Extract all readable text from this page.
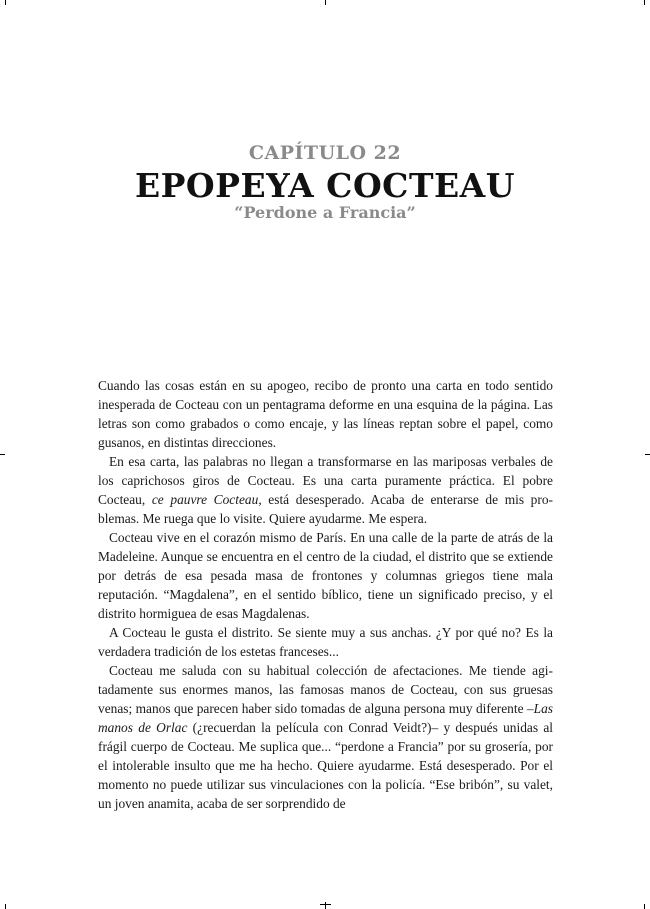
CAPÍTULO 22
EPOPEYA COCTEAU
“Perdone a Francia”

Cuando las cosas están en su apogeo, recibo de pronto una carta en todo sentido inesperada de Cocteau con un pentagrama deforme en una esquina de la página. Las letras son como grabados o como encaje, y las líneas reptan sobre el papel, como gusanos, en distintas direcciones.

En esa carta, las palabras no llegan a transformarse en las mariposas verbales de los caprichosos giros de Cocteau. Es una carta puramente práctica. El pobre Cocteau, ce pauvre Cocteau, está desesperado. Acaba de enterarse de mis problemas. Me ruega que lo visite. Quiere ayudarme. Me espera.

Cocteau vive en el corazón mismo de París. En una calle de la parte de atrás de la Madeleine. Aunque se encuentra en el centro de la ciudad, el distrito que se extiende por detrás de esa pesada masa de frontones y columnas griegos tiene mala reputación. “Magdalena”, en el sentido bíblico, tiene un significado preciso, y el distrito hormiguea de esas Magdalenas.

A Cocteau le gusta el distrito. Se siente muy a sus anchas. ¿Y por qué no? Es la verdadera tradición de los estetas franceses...

Cocteau me saluda con su habitual colección de afectaciones. Me tiende agitadamente sus enormes manos, las famosas manos de Cocteau, con sus gruesas venas; manos que parecen haber sido tomadas de alguna persona muy diferente –Las manos de Orlac (¿recuerdan la película con Conrad Veidt?)– y después unidas al frágil cuerpo de Cocteau. Me suplica que... “perdone a Francia” por su grosería, por el intolerable insulto que me ha hecho. Quiere ayudarme. Está desesperado. Por el momento no puede utilizar sus vinculaciones con la policía. “Ese bribón”, su valet, un joven anamita, acaba de ser sorprendido de
